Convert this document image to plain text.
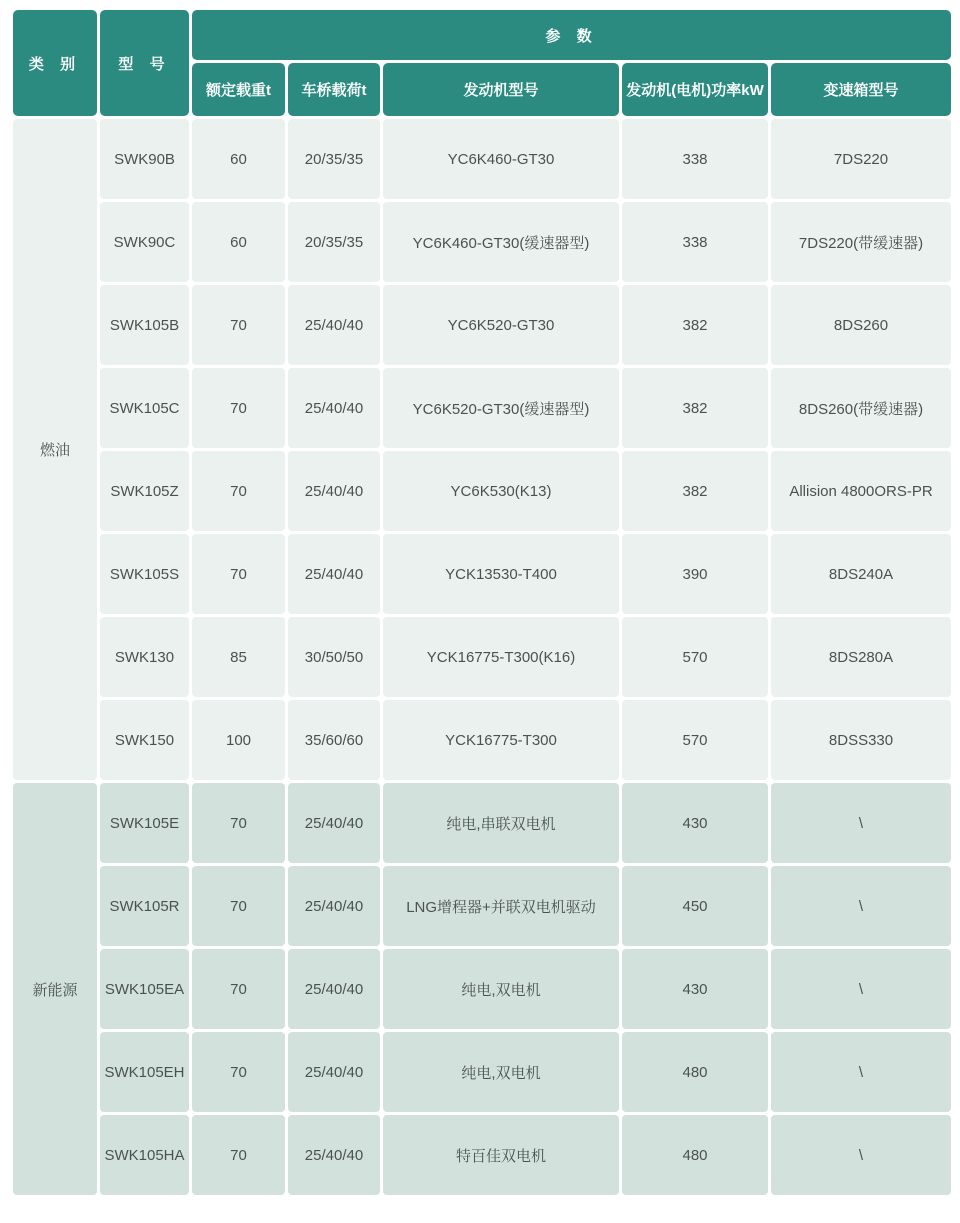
类 别	型 号	参 数				
		额定载重t	车桥载荷t	发动机型号	发动机(电机)功率kW	变速箱型号
燃油	SWK90B	60	20/35/35	YC6K460-GT30	338	7DS220
	SWK90C	60	20/35/35	YC6K460-GT30(缓速器型)	338	7DS220(带缓速器)
	SWK105B	70	25/40/40	YC6K520-GT30	382	8DS260
	SWK105C	70	25/40/40	YC6K520-GT30(缓速器型)	382	8DS260(带缓速器)
	SWK105Z	70	25/40/40	YC6K530(K13)	382	Allision 4800ORS-PR
	SWK105S	70	25/40/40	YCK13530-T400	390	8DS240A
	SWK130	85	30/50/50	YCK16775-T300(K16)	570	8DS280A
	SWK150	100	35/60/60	YCK16775-T300	570	8DSS330
新能源	SWK105E	70	25/40/40	纯电,串联双电机	430	\
	SWK105R	70	25/40/40	LNG增程器+并联双电机驱动	450	\
	SWK105EA	70	25/40/40	纯电,双电机	430	\
	SWK105EH	70	25/40/40	纯电,双电机	480	\
	SWK105HA	70	25/40/40	特百佳双电机	480	\
